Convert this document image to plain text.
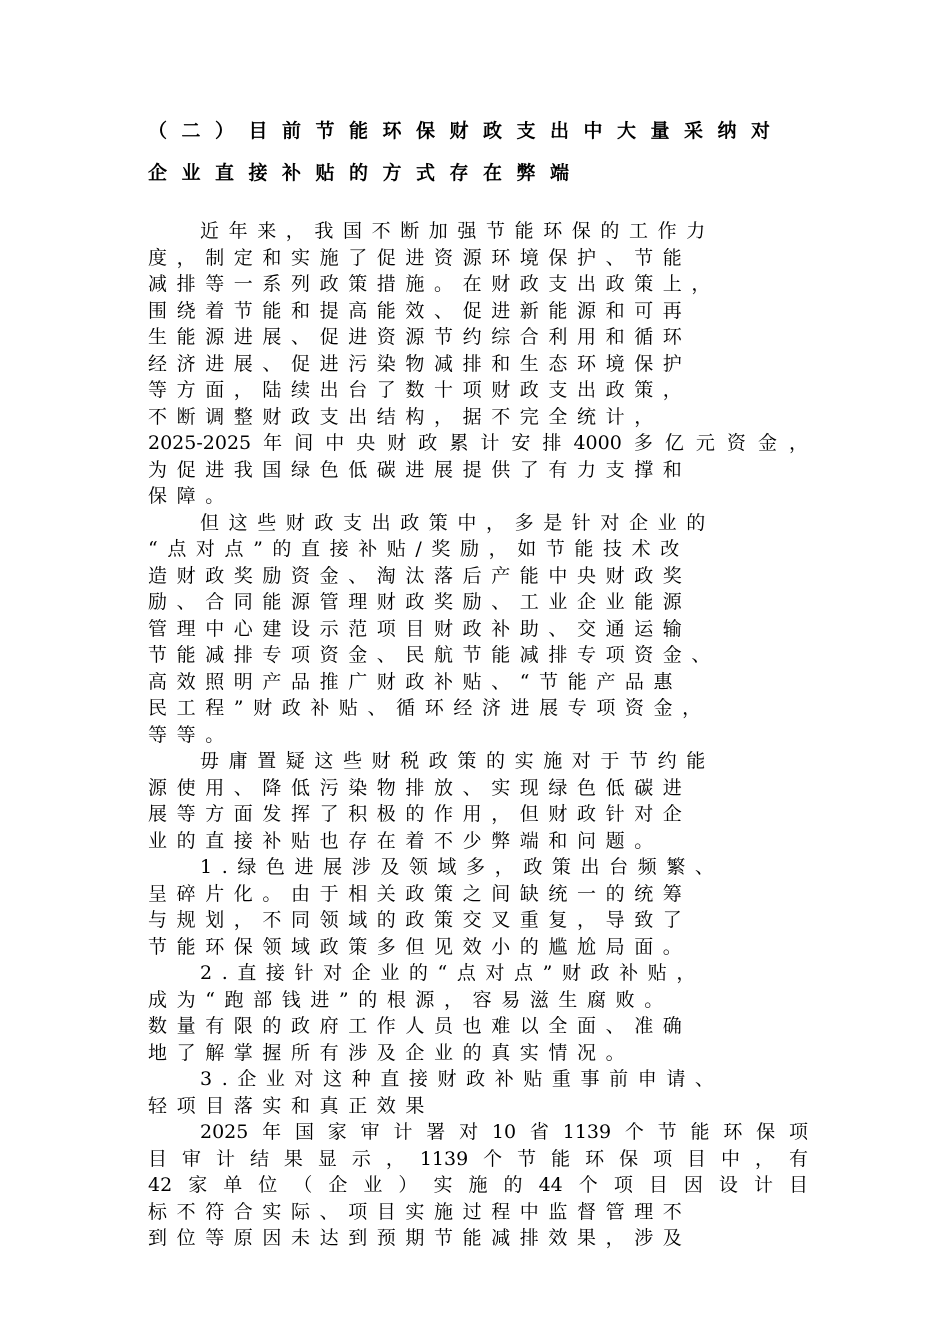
（二）目前节能环保财政支出中大量采纳对
企业直接补贴的方式存在弊端
近年来，我国不断加强节能环保的工作力
度，制定和实施了促进资源环境保护、节能
减排等一系列政策措施。在财政支出政策上，
围绕着节能和提高能效、促进新能源和可再
生能源进展、促进资源节约综合利用和循环
经济进展、促进污染物减排和生态环境保护
等方面，陆续出台了数十项财政支出政策，
不断调整财政支出结构，据不完全统计，
2025-2025年间中央财政累计安排4000多亿元资金，
为促进我国绿色低碳进展提供了有力支撑和
保障。
但这些财政支出政策中，多是针对企业的
“点对点”的直接补贴/奖励，如节能技术改
造财政奖励资金、淘汰落后产能中央财政奖
励、合同能源管理财政奖励、工业企业能源
管理中心建设示范项目财政补助、交通运输
节能减排专项资金、民航节能减排专项资金、
高效照明产品推广财政补贴、“节能产品惠
民工程”财政补贴、循环经济进展专项资金，
等等。
毋庸置疑这些财税政策的实施对于节约能
源使用、降低污染物排放、实现绿色低碳进
展等方面发挥了积极的作用，但财政针对企
业的直接补贴也存在着不少弊端和问题。
1.绿色进展涉及领域多，政策出台频繁、
呈碎片化。由于相关政策之间缺统一的统筹
与规划，不同领域的政策交叉重复，导致了
节能环保领域政策多但见效小的尴尬局面。
2.直接针对企业的“点对点”财政补贴，
成为“跑部钱进”的根源，容易滋生腐败。
数量有限的政府工作人员也难以全面、准确
地了解掌握所有涉及企业的真实情况。
3.企业对这种直接财政补贴重事前申请、
轻项目落实和真正效果
2025年国家审计署对10省1139个节能环保项
目审计结果显示，1139个节能环保项目中，有
42家单位（企业）实施的44个项目因设计目
标不符合实际、项目实施过程中监督管理不
到位等原因未达到预期节能减排效果，涉及
